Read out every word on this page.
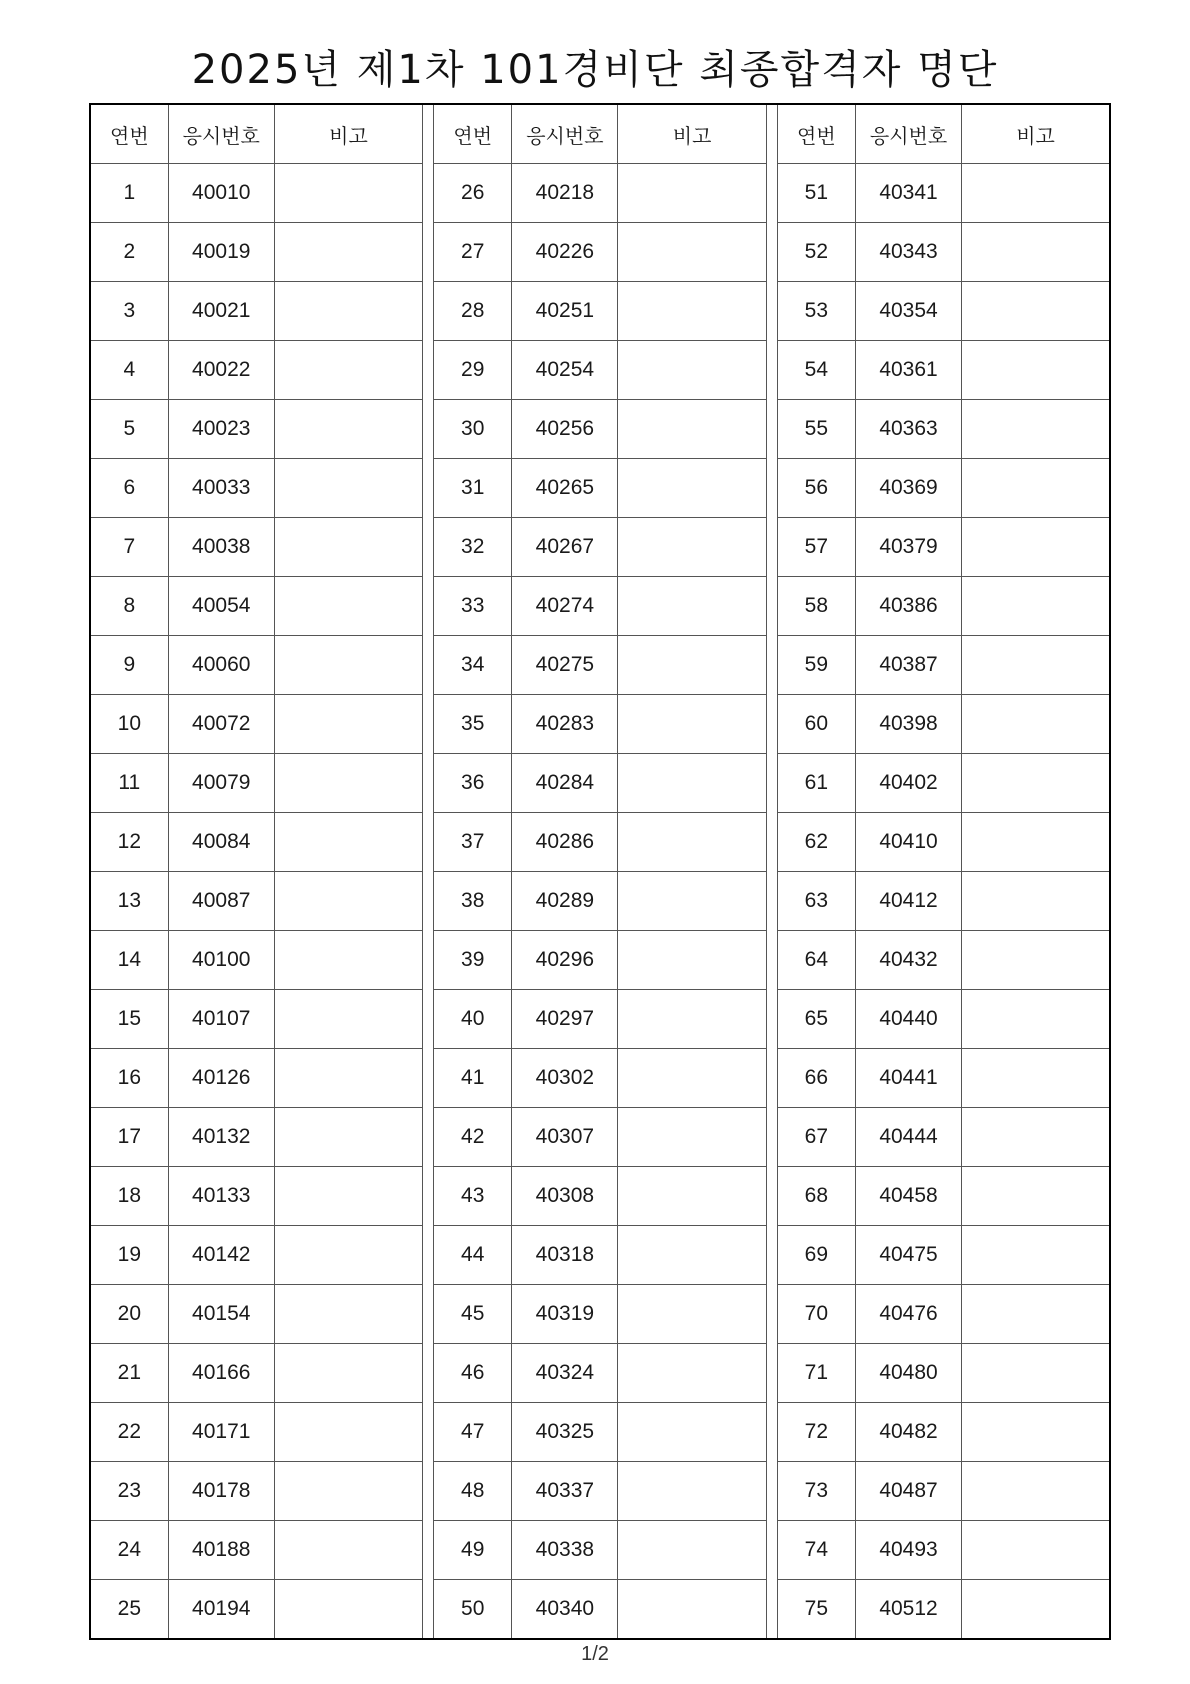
2025년 제1차 101경비단 최종합격자 명단
연번	응시번호	비고		연번	응시번호	비고		연번	응시번호	비고
1	40010			26	40218			51	40341	
2	40019			27	40226			52	40343	
3	40021			28	40251			53	40354	
4	40022			29	40254			54	40361	
5	40023			30	40256			55	40363	
6	40033			31	40265			56	40369	
7	40038			32	40267			57	40379	
8	40054			33	40274			58	40386	
9	40060			34	40275			59	40387	
10	40072			35	40283			60	40398	
11	40079			36	40284			61	40402	
12	40084			37	40286			62	40410	
13	40087			38	40289			63	40412	
14	40100			39	40296			64	40432	
15	40107			40	40297			65	40440	
16	40126			41	40302			66	40441	
17	40132			42	40307			67	40444	
18	40133			43	40308			68	40458	
19	40142			44	40318			69	40475	
20	40154			45	40319			70	40476	
21	40166			46	40324			71	40480	
22	40171			47	40325			72	40482	
23	40178			48	40337			73	40487	
24	40188			49	40338			74	40493	
25	40194			50	40340			75	40512	
1/2
